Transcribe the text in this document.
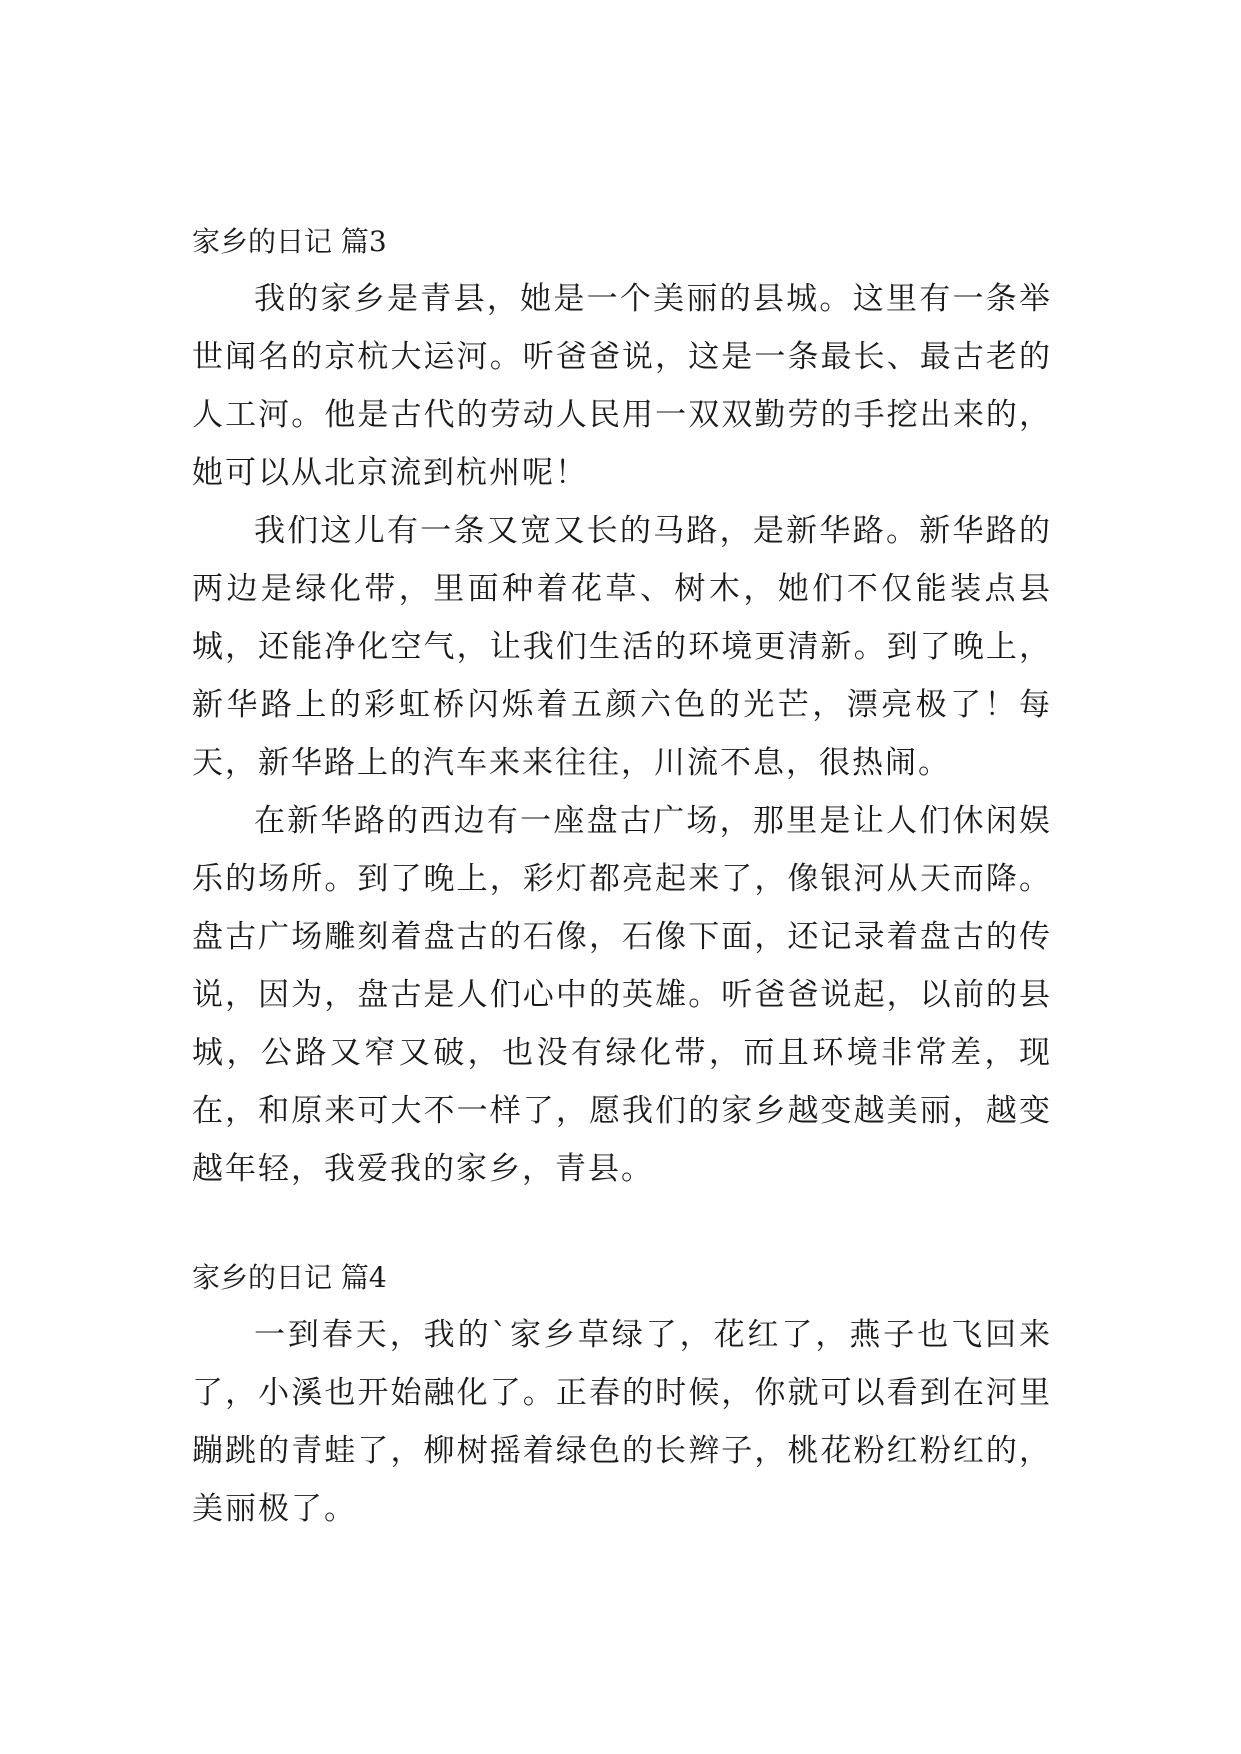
家乡的日记 篇3

我的家乡是青县，她是一个美丽的县城。这里有一条举世闻名的京杭大运河。听爸爸说，这是一条最长、最古老的人工河。他是古代的劳动人民用一双双勤劳的手挖出来的，她可以从北京流到杭州呢！

我们这儿有一条又宽又长的马路，是新华路。新华路的两边是绿化带，里面种着花草、树木，她们不仅能装点县城，还能净化空气，让我们生活的环境更清新。到了晚上，新华路上的彩虹桥闪烁着五颜六色的光芒，漂亮极了！每天，新华路上的汽车来来往往，川流不息，很热闹。

在新华路的西边有一座盘古广场，那里是让人们休闲娱乐的场所。到了晚上，彩灯都亮起来了，像银河从天而降。盘古广场雕刻着盘古的石像，石像下面，还记录着盘古的传说，因为，盘古是人们心中的英雄。听爸爸说起，以前的县城，公路又窄又破，也没有绿化带，而且环境非常差，现在，和原来可大不一样了，愿我们的家乡越变越美丽，越变越年轻，我爱我的家乡，青县。

家乡的日记 篇4

一到春天，我的`家乡草绿了，花红了，燕子也飞回来了，小溪也开始融化了。正春的时候，你就可以看到在河里蹦跳的青蛙了，柳树摇着绿色的长辫子，桃花粉红粉红的，美丽极了。
